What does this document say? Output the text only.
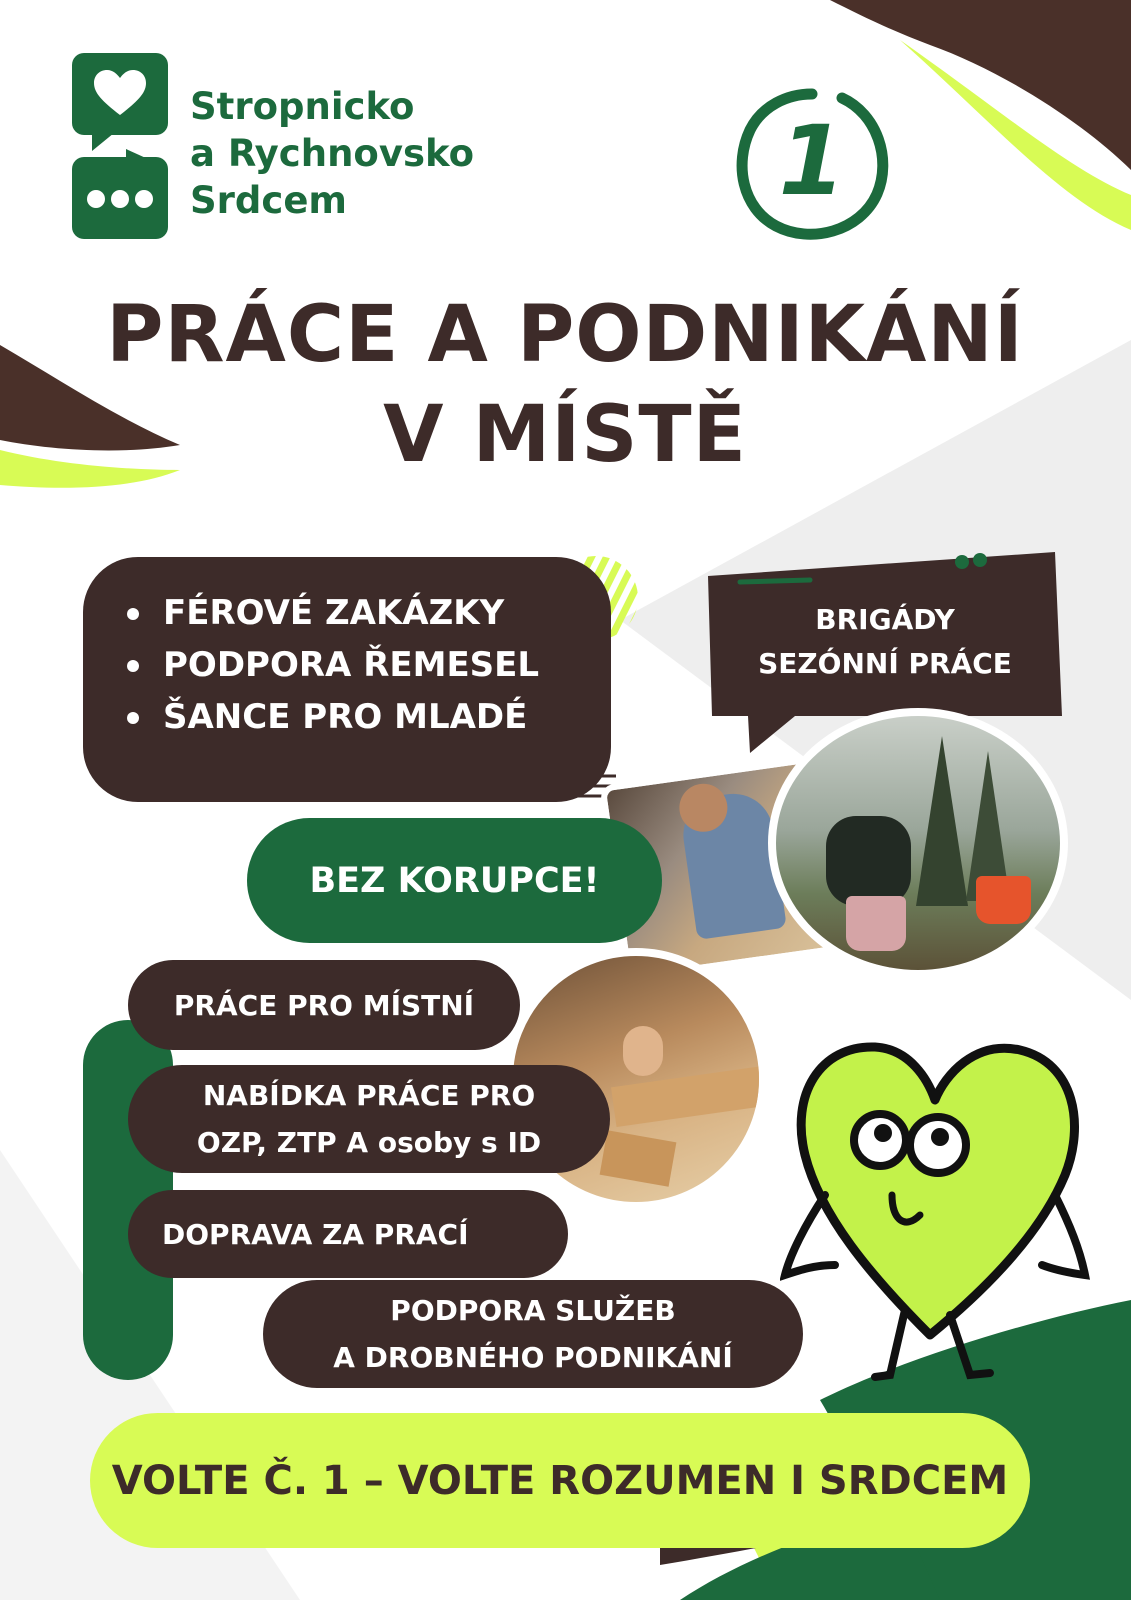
Stropnicko
a Rychnovsko
Srdcem	1
PRÁCE A PODNIKÁNÍ
V MÍSTĚ
FÉROVÉ ZAKÁZKY
PODPORA ŘEMESEL
ŠANCE PRO MLADÉ
BRIGÁDY
SEZÓNNÍ PRÁCE
BEZ KORUPCE!
PRÁCE PRO MÍSTNÍ
NABÍDKA PRÁCE PRO
OZP, ZTP A osoby s ID
DOPRAVA ZA PRACÍ
PODPORA SLUŽEB
A DROBNÉHO PODNIKÁNÍ
VOLTE Č. 1 – VOLTE ROZUMEN I SRDCEM
